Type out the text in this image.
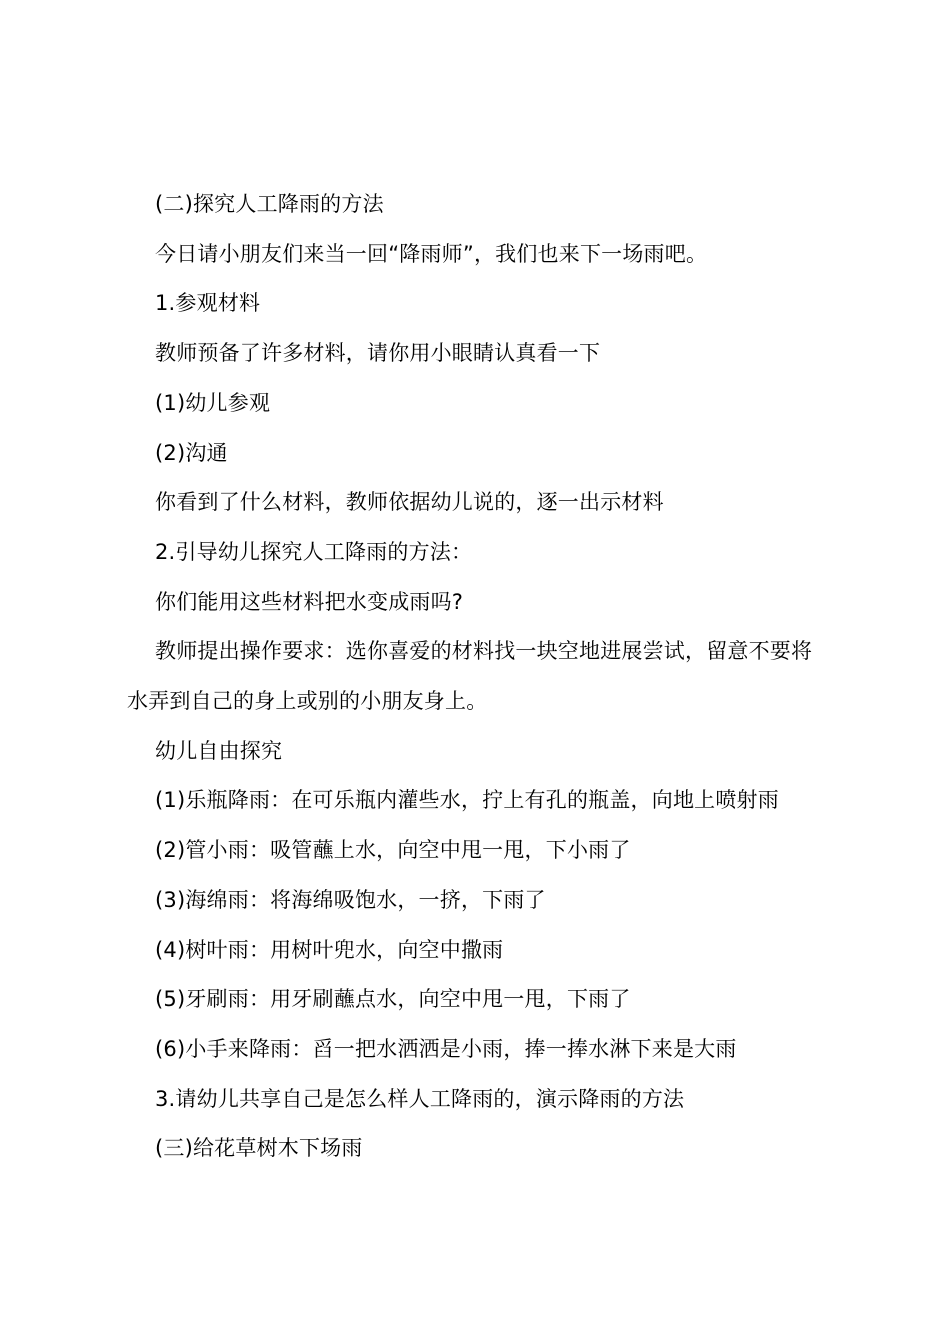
(二)探究人工降雨的方法

今日请小朋友们来当一回“降雨师”，我们也来下一场雨吧。

1.参观材料

教师预备了许多材料，请你用小眼睛认真看一下

(1)幼儿参观

(2)沟通

你看到了什么材料，教师依据幼儿说的，逐一出示材料

2.引导幼儿探究人工降雨的方法：

你们能用这些材料把水变成雨吗?

教师提出操作要求：选你喜爱的材料找一块空地进展尝试，留意不要将水弄到自己的身上或别的小朋友身上。

幼儿自由探究

(1)乐瓶降雨：在可乐瓶内灌些水，拧上有孔的瓶盖，向地上喷射雨

(2)管小雨：吸管蘸上水，向空中甩一甩，下小雨了

(3)海绵雨：将海绵吸饱水，一挤，下雨了

(4)树叶雨：用树叶兜水，向空中撒雨

(5)牙刷雨：用牙刷蘸点水，向空中甩一甩，下雨了

(6)小手来降雨：舀一把水洒洒是小雨，捧一捧水淋下来是大雨

3.请幼儿共享自己是怎么样人工降雨的，演示降雨的方法

(三)给花草树木下场雨
